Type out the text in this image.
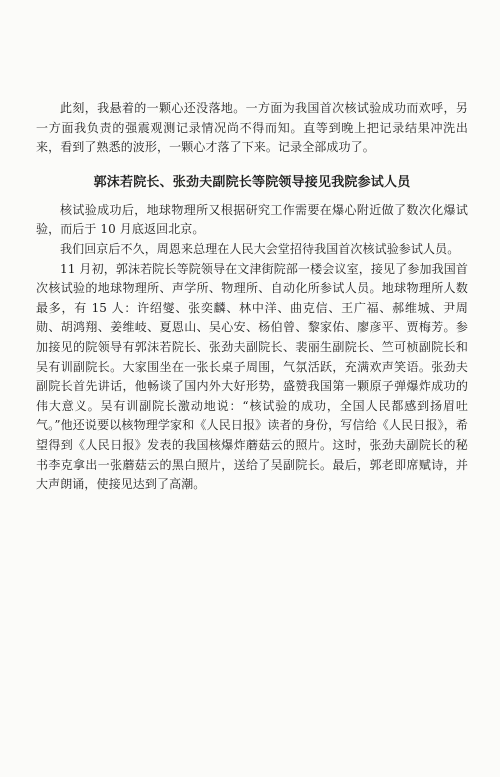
此刻，我悬着的一颗心还没落地。一方面为我国首次核试验成功而欢呼，另一方面我负责的强震观测记录情况尚不得而知。直等到晚上把记录结果冲洗出来，看到了熟悉的波形，一颗心才落了下来。记录全部成功了。

郭沫若院长、张劲夫副院长等院领导接见我院参试人员

核试验成功后，地球物理所又根据研究工作需要在爆心附近做了数次化爆试验，而后于 10 月底返回北京。

我们回京后不久，周恩来总理在人民大会堂招待我国首次核试验参试人员。

11 月初，郭沫若院长等院领导在文津街院部一楼会议室，接见了参加我国首次核试验的地球物理所、声学所、物理所、自动化所参试人员。地球物理所人数最多，有 15 人：许绍燮、张奕麟、林中洋、曲克信、王广福、郝维城、尹周勋、胡鸿翔、姜维岐、夏恩山、吴心安、杨伯曾、黎家佑、廖彦平、贾梅芳。参加接见的院领导有郭沫若院长、张劲夫副院长、裴丽生副院长、竺可桢副院长和吴有训副院长。大家围坐在一张长桌子周围，气氛活跃，充满欢声笑语。张劲夫副院长首先讲话，他畅谈了国内外大好形势，盛赞我国第一颗原子弹爆炸成功的伟大意义。吴有训副院长激动地说：“核试验的成功，全国人民都感到扬眉吐气。”他还说要以核物理学家和《人民日报》读者的身份，写信给《人民日报》，希望得到《人民日报》发表的我国核爆炸蘑菇云的照片。这时，张劲夫副院长的秘书李克拿出一张蘑菇云的黑白照片，送给了吴副院长。最后，郭老即席赋诗，并大声朗诵，使接见达到了高潮。
